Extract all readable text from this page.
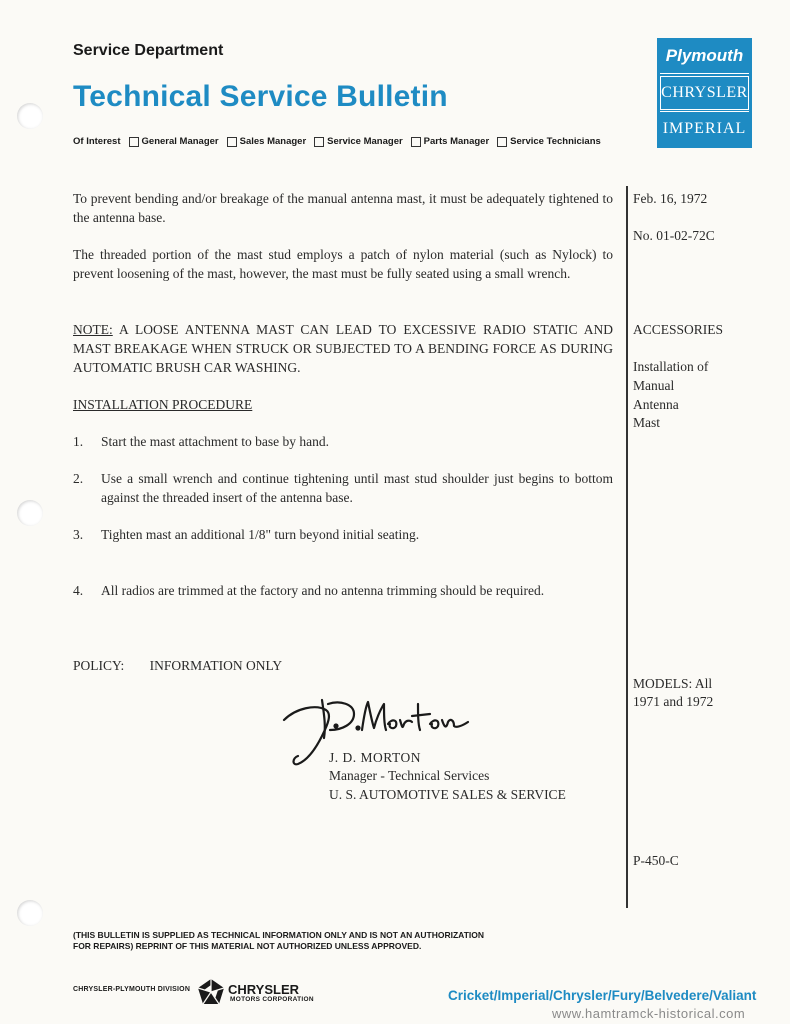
Service Department
Technical Service Bulletin
Of Interest General Manager Sales Manager Service Manager Parts Manager Service Technicians
Plymouth
CHRYSLER
IMPERIAL

To prevent bending and/or breakage of the manual antenna mast, it must be adequately tightened to the antenna base.

The threaded portion of the mast stud employs a patch of nylon material (such as Nylock) to prevent loosening of the mast, however, the mast must be fully seated using a small wrench.

NOTE: A LOOSE ANTENNA MAST CAN LEAD TO EXCESSIVE RADIO STATIC AND MAST BREAKAGE WHEN STRUCK OR SUBJECTED TO A BENDING FORCE AS DURING AUTOMATIC BRUSH CAR WASHING.

INSTALLATION PROCEDURE
1.	Start the mast attachment to base by hand.
2.	Use a small wrench and continue tightening until mast stud shoulder just begins to bottom against the threaded insert of the antenna base.
3.	Tighten mast an additional 1/8" turn beyond initial seating.
4.	All radios are trimmed at the factory and no antenna trimming should be required.
POLICY: INFORMATION ONLY
J. D. MORTON
Manager - Technical Services
U. S. AUTOMOTIVE SALES & SERVICE
Feb. 16, 1972
No. 01-02-72C
ACCESSORIES
Installation of
Manual
Antenna
Mast
MODELS: All
1971 and 1972
P-450-C
(THIS BULLETIN IS SUPPLIED AS TECHNICAL INFORMATION ONLY AND IS NOT AN AUTHORIZATION
FOR REPAIRS) REPRINT OF THIS MATERIAL NOT AUTHORIZED UNLESS APPROVED.
CHRYSLER-PLYMOUTH DIVISION	CHRYSLER
MOTORS CORPORATION	Cricket/Imperial/Chrysler/Fury/Belvedere/Valiant
www.hamtramck-historical.com
